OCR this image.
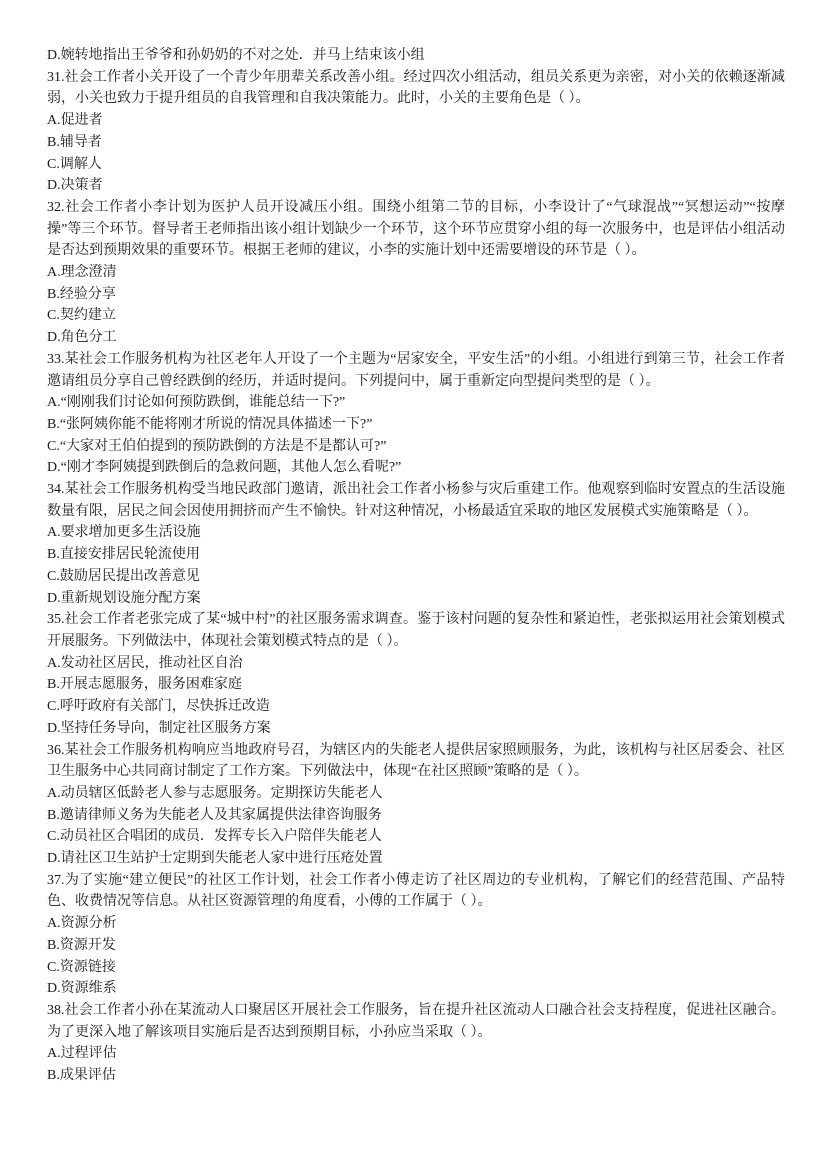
D.婉转地指出王爷爷和孙奶奶的不对之处．并马上结束该小组

31.社会工作者小关开设了一个青少年朋辈关系改善小组。经过四次小组活动，组员关系更为亲密，对小关的依赖逐渐减弱，小关也致力于提升组员的自我管理和自我决策能力。此时，小关的主要角色是（ ）。

A.促进者

B.辅导者

C.调解人

D.决策者

32.社会工作者小李计划为医护人员开设减压小组。围绕小组第二节的目标，小李设计了“气球混战”“冥想运动”“按摩操”等三个环节。督导者王老师指出该小组计划缺少一个环节，这个环节应贯穿小组的每一次服务中，也是评估小组活动是否达到预期效果的重要环节。根据王老师的建议，小李的实施计划中还需要增设的环节是（ ）。

A.理念澄清

B.经验分享

C.契约建立

D.角色分工

33.某社会工作服务机构为社区老年人开设了一个主题为“居家安全，平安生活”的小组。小组进行到第三节，社会工作者邀请组员分享自己曾经跌倒的经历，并适时提问。下列提问中，属于重新定向型提问类型的是（ ）。

A.“刚刚我们讨论如何预防跌倒，谁能总结一下?”

B.“张阿姨你能不能将刚才所说的情况具体描述一下?”

C.“大家对王伯伯提到的预防跌倒的方法是不是都认可?”

D.“刚才李阿姨提到跌倒后的急救问题，其他人怎么看呢?”

34.某社会工作服务机构受当地民政部门邀请，派出社会工作者小杨参与灾后重建工作。他观察到临时安置点的生活设施数量有限，居民之间会因使用拥挤而产生不愉快。针对这种情况，小杨最适宜采取的地区发展模式实施策略是（ ）。

A.要求增加更多生活设施

B.直接安排居民轮流使用

C.鼓励居民提出改善意见

D.重新规划设施分配方案

35.社会工作者老张完成了某“城中村”的社区服务需求调查。鉴于该村问题的复杂性和紧迫性，老张拟运用社会策划模式开展服务。下列做法中，体现社会策划模式特点的是（ ）。

A.发动社区居民，推动社区自治

B.开展志愿服务，服务困难家庭

C.呼吁政府有关部门，尽快拆迁改造

D.坚持任务导向，制定社区服务方案

36.某社会工作服务机构响应当地政府号召，为辖区内的失能老人提供居家照顾服务，为此，该机构与社区居委会、社区卫生服务中心共同商讨制定了工作方案。下列做法中，体现“在社区照顾”策略的是（ ）。

A.动员辖区低龄老人参与志愿服务。定期探访失能老人

B.邀请律师义务为失能老人及其家属提供法律咨询服务

C.动员社区合唱团的成员．发挥专长入户陪伴失能老人

D.请社区卫生站护士定期到失能老人家中进行压疮处置

37.为了实施“建立便民”的社区工作计划，社会工作者小傅走访了社区周边的专业机构，了解它们的经营范围、产品特色、收费情况等信息。从社区资源管理的角度看，小傅的工作属于（ ）。

A.资源分析

B.资源开发

C.资源链接

D.资源维系

38.社会工作者小孙在某流动人口聚居区开展社会工作服务，旨在提升社区流动人口融合社会支持程度，促进社区融合。为了更深入地了解该项目实施后是否达到预期目标，小孙应当采取（ ）。

A.过程评估

B.成果评估
